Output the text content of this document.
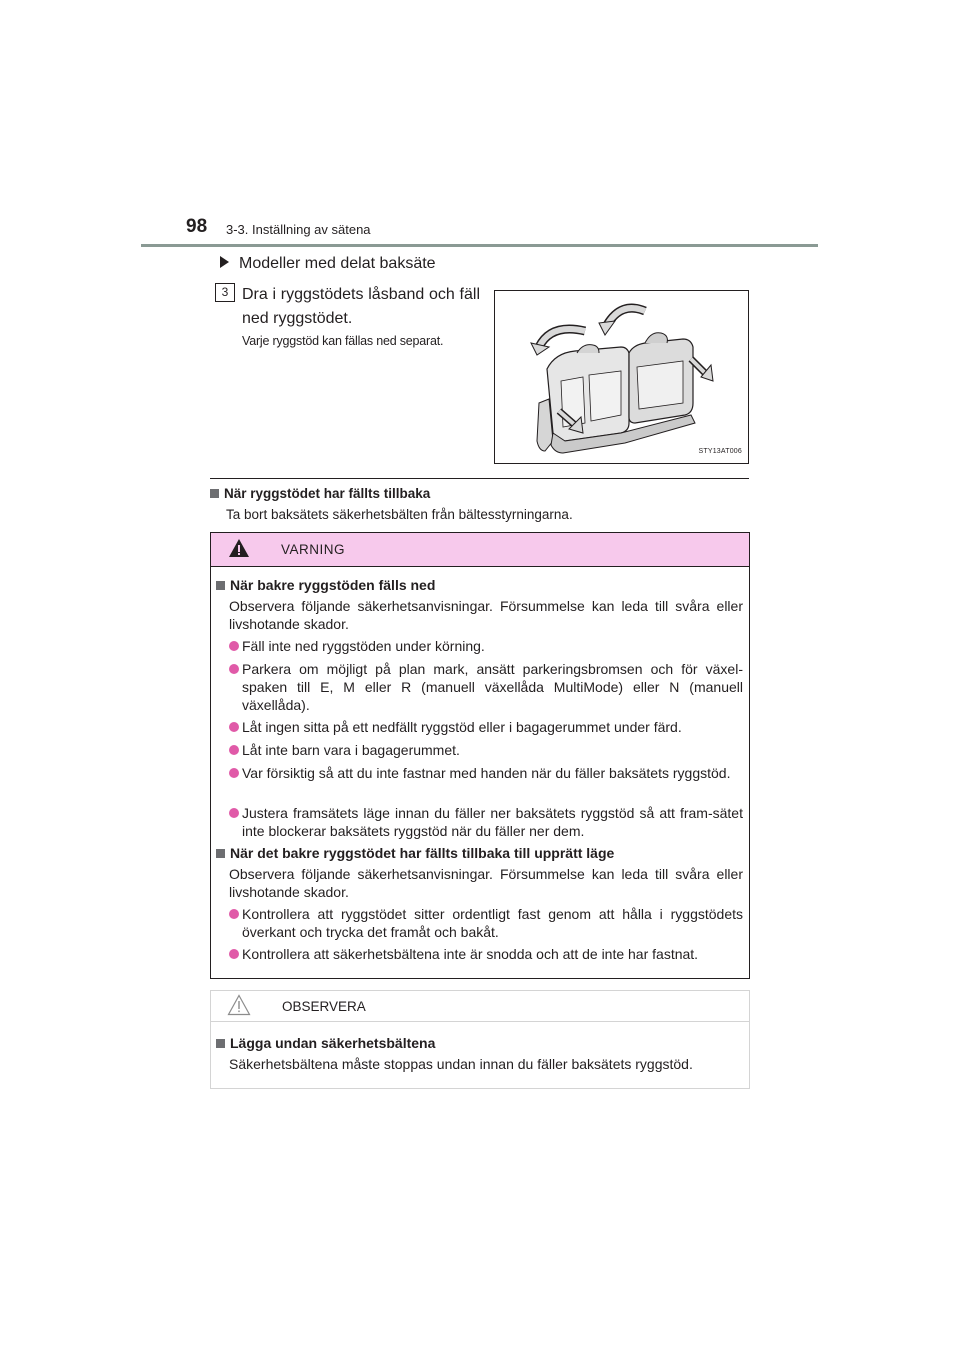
98 3-3. Inställning av sätena
Modeller med delat baksäte
3 Dra i ryggstödets låsband och fäll ned ryggstödet.
Varje ryggstöd kan fällas ned separat.
STY13AT006
När ryggstödet har fällts tillbaka
Ta bort baksätets säkerhetsbälten från bältesstyrningarna.
VARNING
När bakre ryggstöden fälls ned
Observera följande säkerhetsanvisningar. Försummelse kan leda till svåra eller livshotande skador.
Fäll inte ned ryggstöden under körning.
Parkera om möjligt på plan mark, ansätt parkeringsbromsen och för växel-spaken till E, M eller R (manuell växellåda MultiMode) eller N (manuell växellåda).
Låt ingen sitta på ett nedfällt ryggstöd eller i bagagerummet under färd.
Låt inte barn vara i bagagerummet.
Var försiktig så att du inte fastnar med handen när du fäller baksätets ryggstöd.
Justera framsätets läge innan du fäller ner baksätets ryggstöd så att fram-sätet inte blockerar baksätets ryggstöd när du fäller ner dem.
När det bakre ryggstödet har fällts tillbaka till upprätt läge
Observera följande säkerhetsanvisningar. Försummelse kan leda till svåra eller livshotande skador.
Kontrollera att ryggstödet sitter ordentligt fast genom att hålla i ryggstödets överkant och trycka det framåt och bakåt.
Kontrollera att säkerhetsbältena inte är snodda och att de inte har fastnat.
OBSERVERA
Lägga undan säkerhetsbältena
Säkerhetsbältena måste stoppas undan innan du fäller baksätets ryggstöd.
